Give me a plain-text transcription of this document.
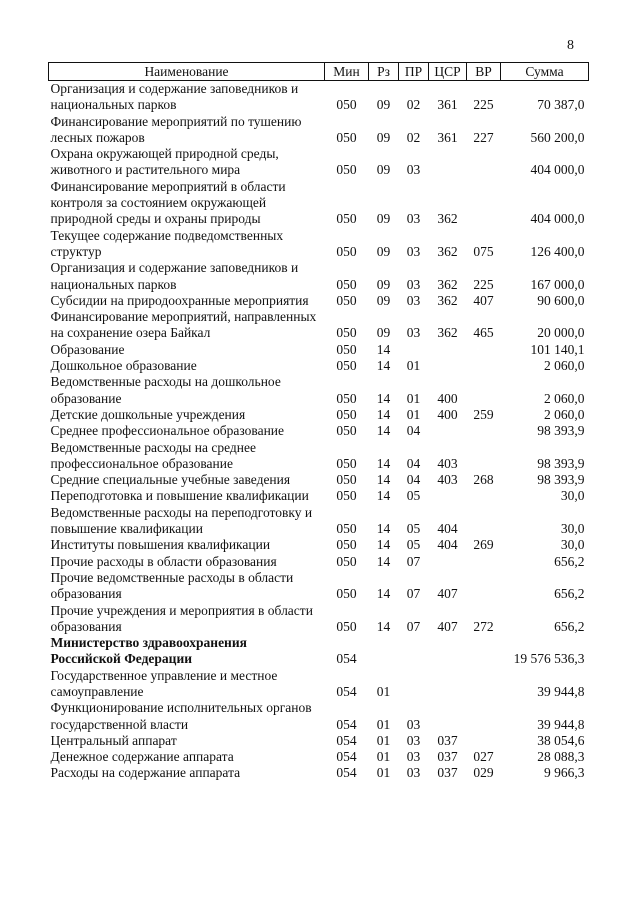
8
Наименование	Мин	Рз	ПР	ЦСР	ВР	Сумма
Организация и содержание заповедников и национальных парков	050	09	02	361	225	70 387,0
Финансирование мероприятий по тушению лесных пожаров	050	09	02	361	227	560 200,0
Охрана окружающей природной среды, животного и растительного мира	050	09	03			404 000,0
Финансирование мероприятий в области контроля за состоянием окружающей природной среды и охраны природы	050	09	03	362		404 000,0
Текущее содержание подведомственных структур	050	09	03	362	075	126 400,0
Организация и содержание заповедников и национальных парков	050	09	03	362	225	167 000,0
Субсидии на природоохранные мероприятия	050	09	03	362	407	90 600,0
Финансирование мероприятий, направленных на сохранение озера Байкал	050	09	03	362	465	20 000,0
Образование	050	14				101 140,1
Дошкольное образование	050	14	01			2 060,0
Ведомственные расходы на дошкольное образование	050	14	01	400		2 060,0
Детские дошкольные учреждения	050	14	01	400	259	2 060,0
Среднее профессиональное образование	050	14	04			98 393,9
Ведомственные расходы на среднее профессиональное образование	050	14	04	403		98 393,9
Средние специальные учебные заведения	050	14	04	403	268	98 393,9
Переподготовка и повышение квалификации	050	14	05			30,0
Ведомственные расходы на переподготовку и повышение квалификации	050	14	05	404		30,0
Институты повышения квалификации	050	14	05	404	269	30,0
Прочие расходы в области образования	050	14	07			656,2
Прочие ведомственные расходы в области образования	050	14	07	407		656,2
Прочие учреждения и мероприятия в области образования	050	14	07	407	272	656,2
Министерство здравоохранения Российской Федерации	054					19 576 536,3
Государственное управление и местное самоуправление	054	01				39 944,8
Функционирование исполнительных органов государственной власти	054	01	03			39 944,8
Центральный аппарат	054	01	03	037		38 054,6
Денежное содержание аппарата	054	01	03	037	027	28 088,3
Расходы на содержание аппарата	054	01	03	037	029	9 966,3
